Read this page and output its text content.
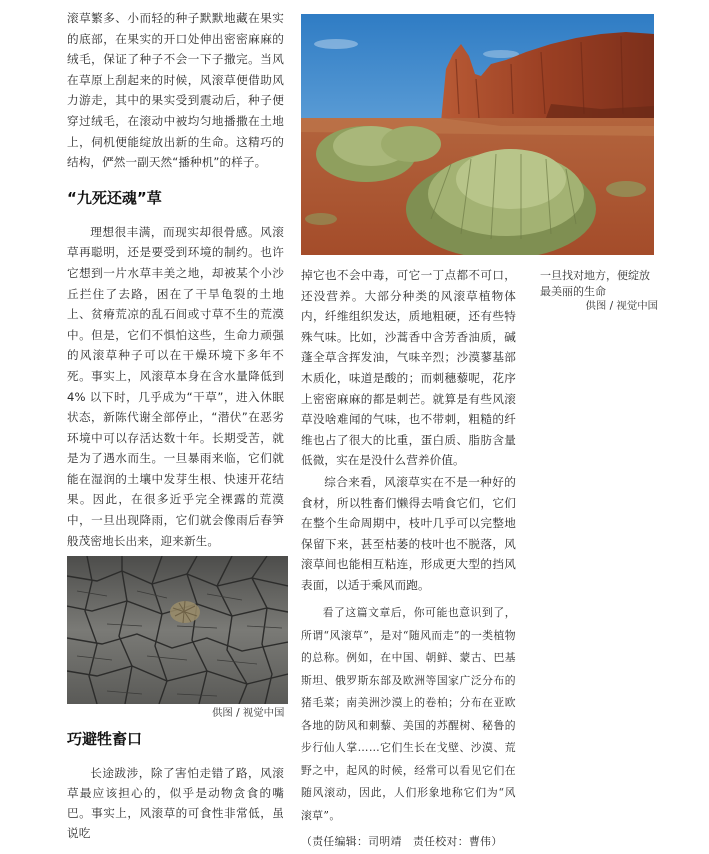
滚草繁多、小而轻的种子默默地藏在果实的底部，在果实的开口处伸出密密麻麻的绒毛，保证了种子不会一下子撒完。当风在草原上刮起来的时候，风滚草便借助风力游走，其中的果实受到震动后，种子便穿过绒毛，在滚动中被均匀地播撒在土地上，伺机便能绽放出新的生命。这精巧的结构，俨然一副天然“播种机”的样子。

“九死还魂”草

理想很丰满，而现实却很骨感。风滚草再聪明，还是要受到环境的制约。也许它想到一片水草丰美之地，却被某个小沙丘拦住了去路，困在了干旱龟裂的土地上、贫瘠荒凉的乱石间或寸草不生的荒漠中。但是，它们不惧怕这些，生命力顽强的风滚草种子可以在干燥环境下多年不死。事实上，风滚草本身在含水量降低到 4% 以下时，几乎成为“干草”，进入休眠状态，新陈代谢全部停止，“潜伏”在恶劣环境中可以存活达数十年。长期受苦，就是为了遇水而生。一旦暴雨来临，它们就能在湿润的土壤中发芽生根、快速开花结果。因此，在很多近乎完全裸露的荒漠中，一旦出现降雨，它们就会像雨后春笋般茂密地长出来，迎来新生。

供图 / 视觉中国

巧避牲畜口

长途跋涉，除了害怕走错了路，风滚草最应该担心的，似乎是动物贪食的嘴巴。事实上，风滚草的可食性非常低，虽说吃

掉它也不会中毒，可它一丁点都不可口，还没营养。大部分种类的风滚草植物体内，纤维组织发达，质地粗硬，还有些特殊气味。比如，沙蒿香中含芳香油质，碱蓬全草含挥发油，气味辛烈；沙漠蓼基部木质化，味道是酸的；而刺穗藜呢，花序上密密麻麻的都是刺芒。就算是有些风滚草没啥难闻的气味，也不带刺，粗糙的纤维也占了很大的比重，蛋白质、脂肪含量低微，实在是没什么营养价值。

综合来看，风滚草实在不是一种好的食材，所以牲畜们懒得去啃食它们，它们在整个生命周期中，枝叶几乎可以完整地保留下来，甚至枯萎的枝叶也不脱落，风滚草间也能相互粘连，形成更大型的挡风表面，以适于乘风而跑。

看了这篇文章后，你可能也意识到了，所谓“风滚草”，是对“随风而走”的一类植物的总称。例如，在中国、朝鲜、蒙古、巴基斯坦、俄罗斯东部及欧洲等国家广泛分布的猪毛菜；南美洲沙漠上的卷柏；分布在亚欧各地的防风和刺藜、美国的苏醒树、秘鲁的步行仙人掌……它们生长在戈壁、沙漠、荒野之中，起风的时候，经常可以看见它们在随风滚动，因此，人们形象地称它们为“风滚草”。

（责任编辑：司明靖　责任校对：曹伟）

一旦找对地方，便绽放最美丽的生命
供图 / 视觉中国
